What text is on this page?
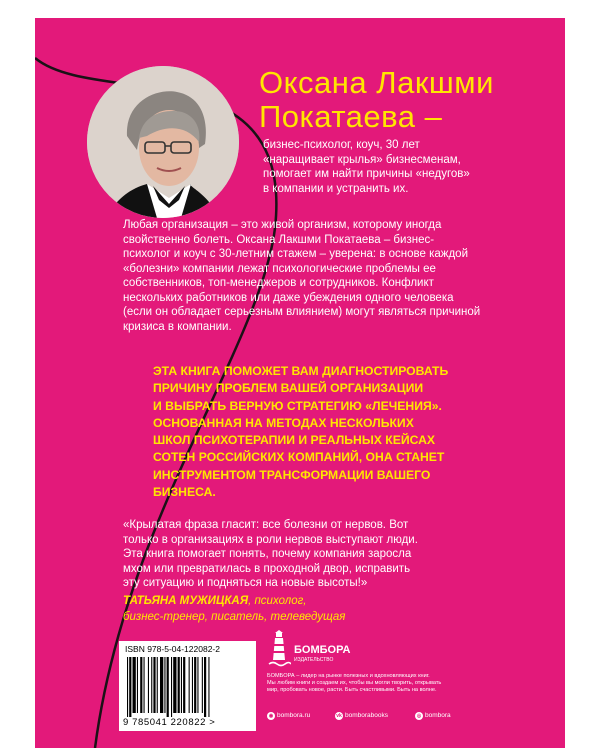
Оксана Лакшми
Покатаева –
бизнес-психолог, коуч, 30 лет
«наращивает крылья» бизнесменам,
помогает им найти причины «недугов»
в компании и устранить их.
Любая организация – это живой организм, которому иногда
свойственно болеть. Оксана Лакшми Покатаева – бизнес-
психолог и коуч с 30-летним стажем – уверена: в основе каждой
«болезни» компании лежат психологические проблемы ее
собственников, топ-менеджеров и сотрудников. Конфликт
нескольких работников или даже убеждения одного человека
(если он обладает серьезным влиянием) могут являться причиной
кризиса в компании.
ЭТА КНИГА ПОМОЖЕТ ВАМ ДИАГНОСТИРОВАТЬ
ПРИЧИНУ ПРОБЛЕМ ВАШЕЙ ОРГАНИЗАЦИИ
И ВЫБРАТЬ ВЕРНУЮ СТРАТЕГИЮ «ЛЕЧЕНИЯ».
ОСНОВАННАЯ НА МЕТОДАХ НЕСКОЛЬКИХ
ШКОЛ ПСИХОТЕРАПИИ И РЕАЛЬНЫХ КЕЙСАХ
СОТЕН РОССИЙСКИХ КОМПАНИЙ, ОНА СТАНЕТ
ИНСТРУМЕНТОМ ТРАНСФОРМАЦИИ ВАШЕГО
БИЗНЕСА.
«Крылатая фраза гласит: все болезни от нервов. Вот
только в организациях в роли нервов выступают люди.
Эта книга помогает понять, почему компания заросла
мхом или превратилась в проходной двор, исправить
эту ситуацию и подняться на новые высоты!»
ТАТЬЯНА МУЖИЦКАЯ, психолог,
бизнес-тренер, писатель, телеведущая
ISBN 978-5-04-122082-2
9 785041 220822 >
БОМБОРА
ИЗДАТЕЛЬСТВО
БОМБОРА – лидер на рынке полезных и вдохновляющих книг.
Мы любим книги и создаем их, чтобы вы могли творить, открывать
мир, пробовать новое, расти. Быть счастливыми. Быть на волне.
◉ bombora.ru	vk bomborabooks	◎ bombora
